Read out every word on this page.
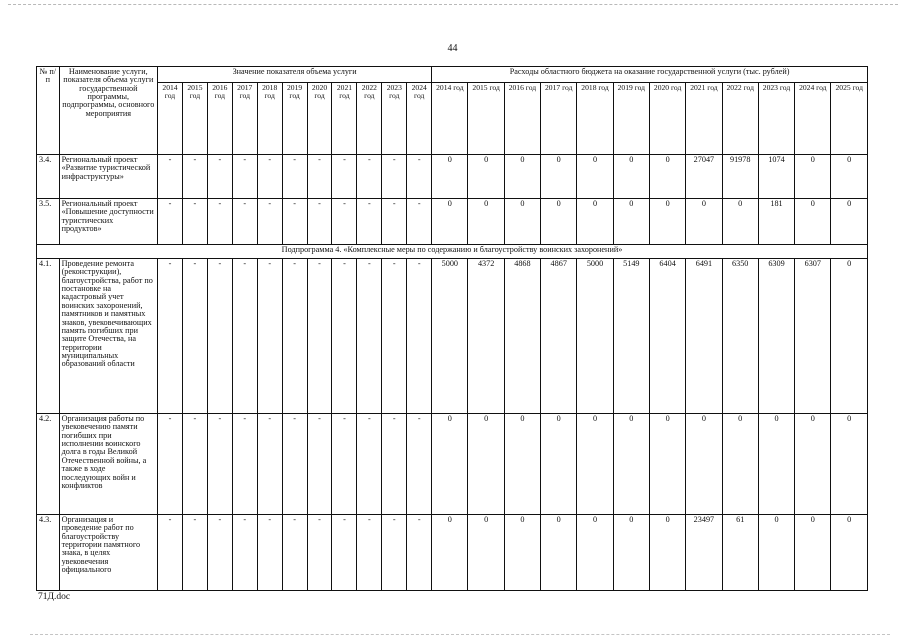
44
№ п/п	Наименование услуги, показателя объема услуги государственной программы, подпрограммы, основного мероприятия	Значение показателя объема услуги											Расходы областного бюджета на оказание государственной услуги (тыс. рублей)											
		2014 год	2015 год	2016 год	2017 год	2018 год	2019 год	2020 год	2021 год	2022 год	2023 год	2024 год	2014 год	2015 год	2016 год	2017 год	2018 год	2019 год	2020 год	2021 год	2022 год	2023 год	2024 год	2025 год
3.4.	Региональный проект «Развитие туристической инфраструктуры»	-	-	-	-	-	-	-	-	-	-	-	0	0	0	0	0	0	0	27047	91978	1074	0	0
3.5.	Региональный проект «Повышение доступности туристических продуктов»	-	-	-	-	-	-	-	-	-	-	-	0	0	0	0	0	0	0	0	0	181	0	0
Подпрограмма 4. «Комплексные меры по содержанию и благоустройству воинских захоронений»																								
4.1.	Проведение ремонта (реконструкции), благоустройства, работ по постановке на кадастровый учет воинских захоронений, памятников и памятных знаков, увековечивающих память погибших при защите Отечества, на территории муниципальных образований области	-	-	-	-	-	-	-	-	-	-	-	5000	4372	4868	4867	5000	5149	6404	6491	6350	6309	6307	0
4.2.	Организация работы по увековечению памяти погибших при исполнении воинского долга в годы Великой Отечественной войны, а также в ходе последующих войн и конфликтов	-	-	-	-	-	-	-	-	-	-	-	0	0	0	0	0	0	0	0	0	0	0	0
4.3.	Организация и проведение работ по благоустройству территории памятного знака, в целях увековечения официального	-	-	-	-	-	-	-	-	-	-	-	0	0	0	0	0	0	0	23497	61	0	0	0
71Д.doc
